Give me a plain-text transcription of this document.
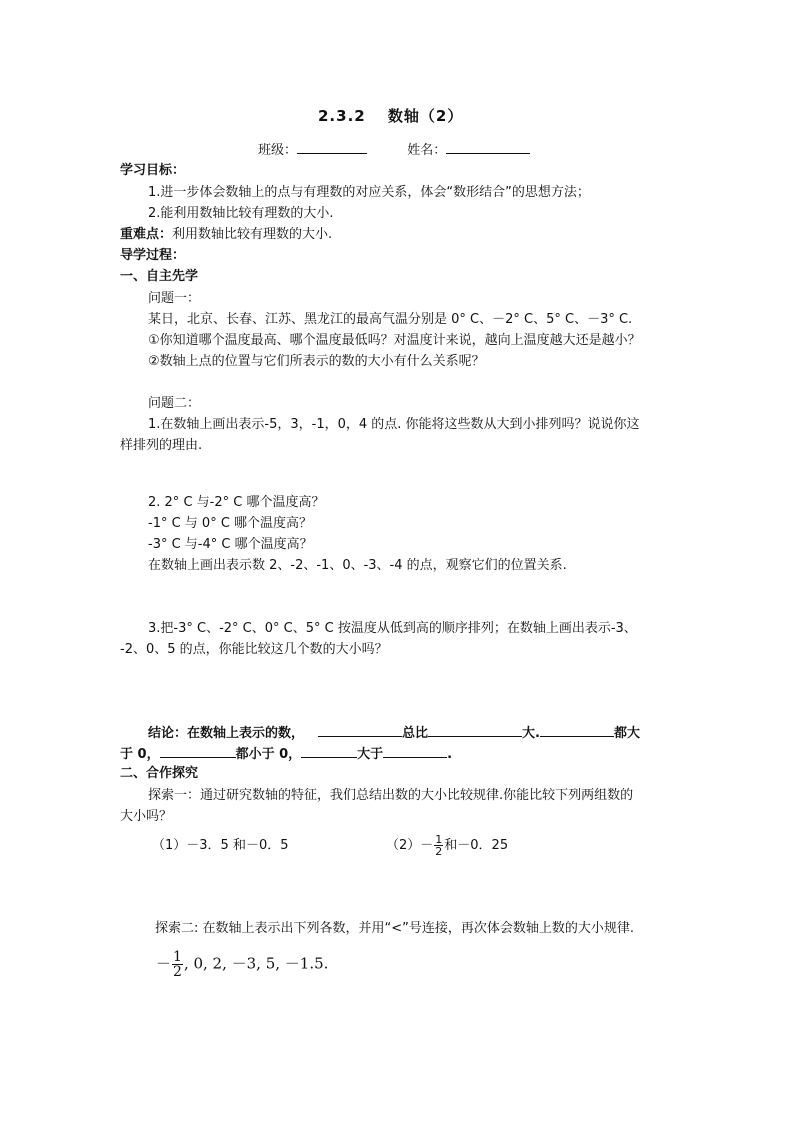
2.3.2　 数轴（2）
班级：	姓名：
学习目标：
1.进一步体会数轴上的点与有理数的对应关系，体会“数形结合”的思想方法；
2.能利用数轴比较有理数的大小.
重难点：利用数轴比较有理数的大小.
导学过程：
一、自主先学
问题一：
某日，北京、长春、江苏、黑龙江的最高气温分别是 0° C、－2° C、5° C、－3° C.
①你知道哪个温度最高、哪个温度最低吗？对温度计来说，越向上温度越大还是越小？
②数轴上点的位置与它们所表示的数的大小有什么关系呢？
问题二：
1.在数轴上画出表示-5，3，-1，0，4 的点. 你能将这些数从大到小排列吗？说说你这
样排列的理由.
2. 2° C 与-2° C 哪个温度高？
-1° C 与 0° C 哪个温度高？
-3° C 与-4° C 哪个温度高？
在数轴上画出表示数 2、-2、-1、0、-3、-4 的点，观察它们的位置关系.
3.把-3° C、-2° C、0° C、5° C 按温度从低到高的顺序排列；在数轴上画出表示-3、
-2、0、5 的点，你能比较这几个数的大小吗？
结论：在数轴上表示的数，	总比	大.	都大
于 0，	都小于 0，	大于	.
二、合作探究
探索一：通过研究数轴的特征，我们总结出数的大小比较规律.你能比较下列两组数的
大小吗？
（1）－3．5 和－0．5	$(2)- \frac{1}{2}$ 和－0．25
探索二: 在数轴上表示出下列各数，并用“<”号连接，再次体会数轴上数的大小规律.
－ $\frac{1}{2}$ , 0, 2, －3, 5, －1.5.
